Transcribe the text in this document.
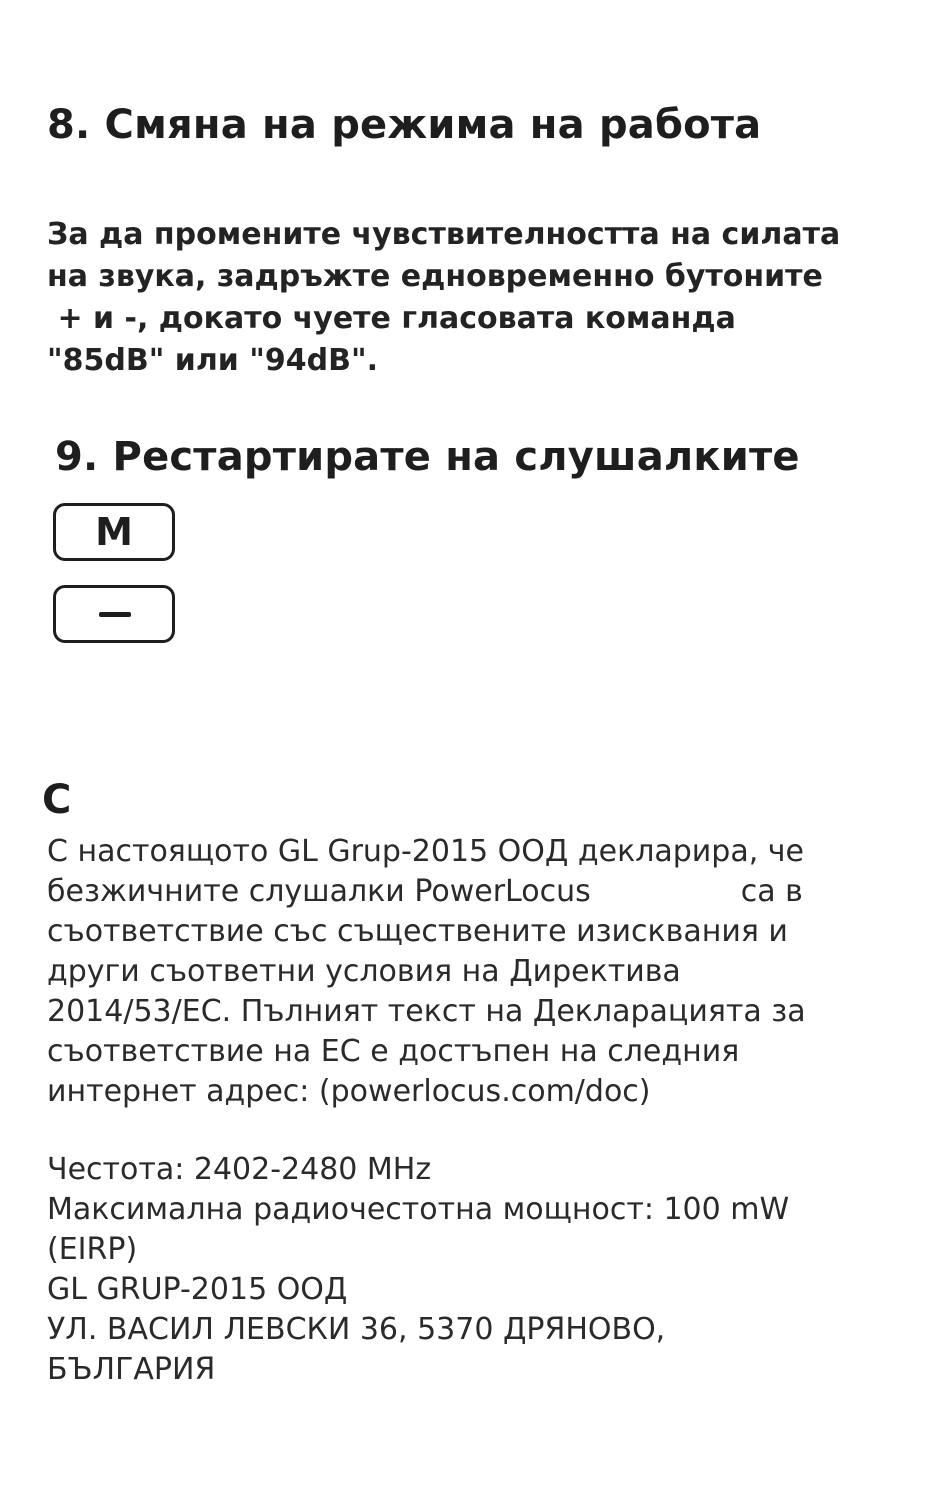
8. Смяна на режима на работа

За да промените чувствителността на силата
на звука, задръжте едновременно бутоните
+ и -, докато чуете гласовата команда
"85dB" или "94dB".

9. Рестартирате на слушалките
M
C

С настоящото GL Grup-2015 ООД декларира, че
безжичните слушалки PowerLocus	са в
съответствие със съществените изисквания и
други съответни условия на Директива
2014/53/ЕС. Пълният текст на Декларацията за
съответствие на ЕС е достъпен на следния
интернет адрес: (powerlocus.com/doc)

Честота: 2402-2480 MHz
Максимална радиочестотна мощност: 100 mW
(EIRP)
GL GRUP-2015 ООД
УЛ. ВАСИЛ ЛЕВСКИ 36, 5370 ДРЯНОВО,
БЪЛГАРИЯ
